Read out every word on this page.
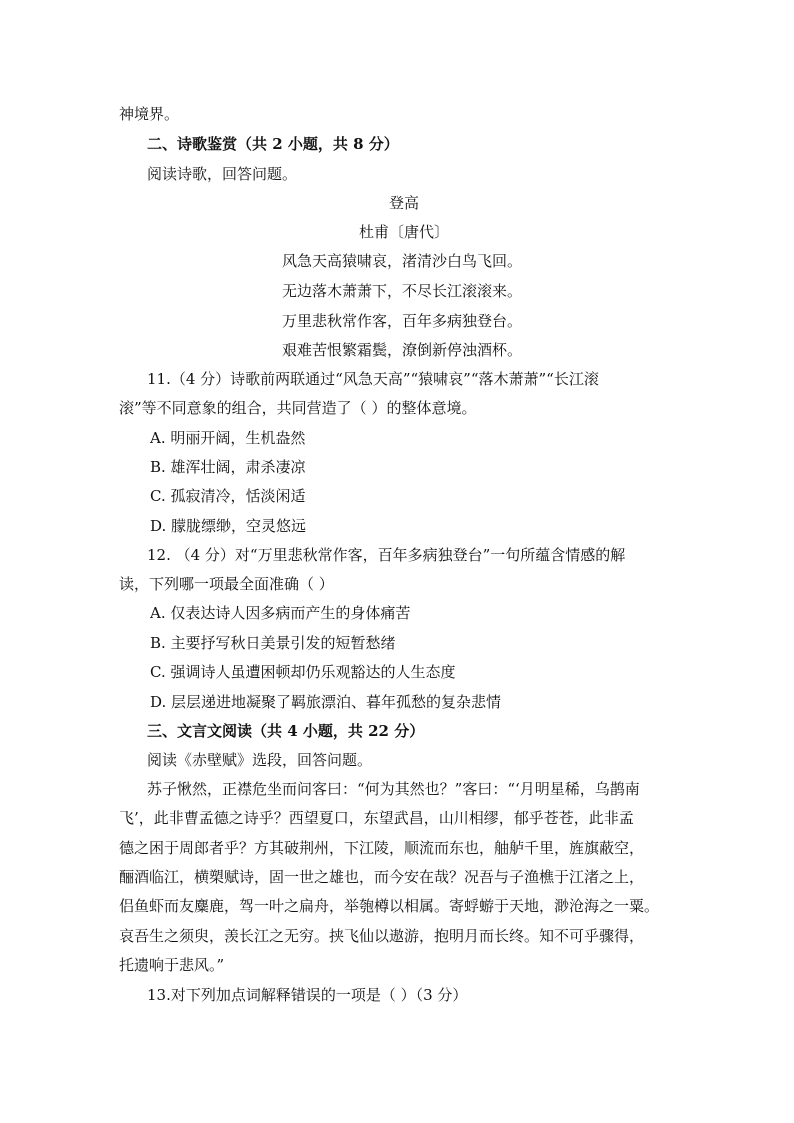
神境界。
二、诗歌鉴赏（共 2 小题，共 8 分）
阅读诗歌，回答问题。
登高
杜甫〔唐代〕
风急天高猿啸哀，渚清沙白鸟飞回。
无边落木萧萧下，不尽长江滚滚来。
万里悲秋常作客，百年多病独登台。
艰难苦恨繁霜鬓，潦倒新停浊酒杯。
11.（4 分）诗歌前两联通过“风急天高”“猿啸哀”“落木萧萧”“长江滚
滚”等不同意象的组合，共同营造了（ ）的整体意境。
A. 明丽开阔，生机盎然
B. 雄浑壮阔，肃杀凄凉
C. 孤寂清冷，恬淡闲适
D. 朦胧缥缈，空灵悠远
12. （4 分）对“万里悲秋常作客，百年多病独登台”一句所蕴含情感的解
读，下列哪一项最全面准确（ ）
A. 仅表达诗人因多病而产生的身体痛苦
B. 主要抒写秋日美景引发的短暂愁绪
C. 强调诗人虽遭困顿却仍乐观豁达的人生态度
D. 层层递进地凝聚了羁旅漂泊、暮年孤愁的复杂悲情
三、文言文阅读（共 4 小题，共 22 分）
阅读《赤壁赋》选段，回答问题。
苏子愀然，正襟危坐而问客曰：“何为其然也？”客曰：“‘月明星稀，乌鹊南
飞’，此非曹孟德之诗乎？西望夏口，东望武昌，山川相缪，郁乎苍苍，此非孟
德之困于周郎者乎？方其破荆州，下江陵，顺流而东也，舳舻千里，旌旗蔽空，
酾酒临江，横槊赋诗，固一世之雄也，而今安在哉？况吾与子渔樵于江渚之上，
侣鱼虾而友麋鹿，驾一叶之扁舟，举匏樽以相属。寄蜉蝣于天地，渺沧海之一粟。
哀吾生之须臾，羡长江之无穷。挟飞仙以遨游，抱明月而长终。知不可乎骤得，
托遗响于悲风。”
13.对下列加点词解释错误的一项是（ ）（3 分）
